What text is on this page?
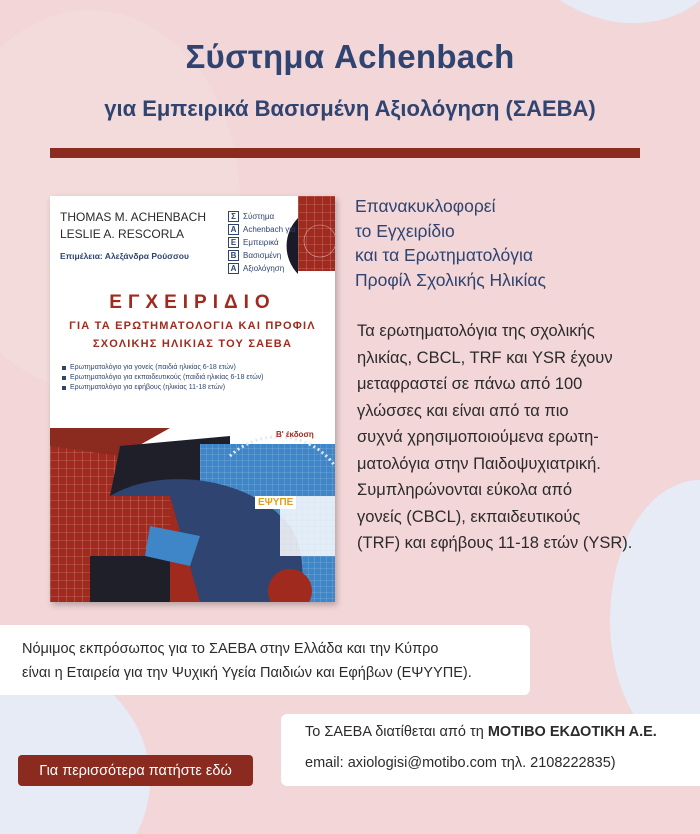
Σύστημα Achenbach
για Εμπειρικά Βασισμένη Αξιολόγηση (ΣΑΕΒΑ)
THOMAS M. ACHENBACH
LESLIE A. RESCORLA
Επιμέλεια: Αλεξάνδρα Ρούσσου
Σ Σύστημα
A Achenbach για
Ε Εμπειρικά
Β Βασισμένη
Α Αξιολόγηση
ΕΓΧΕΙΡΙΔΙΟ
ΓΙΑ ΤΑ ΕΡΩΤΗΜΑΤΟΛΟΓΙΑ ΚΑΙ ΠΡΟΦΙΛ
ΣΧΟΛΙΚΗΣ ΗΛΙΚΙΑΣ ΤΟΥ ΣΑΕΒΑ
Ερωτηματολόγιο για γονείς (παιδιά ηλικίας 6-18 ετών)
Ερωτηματολόγιο για εκπαιδευτικούς (παιδιά ηλικίας 6-18 ετών)
Ερωτηματολόγιο για εφήβους (ηλικίας 11-18 ετών)
Β' έκδοση
ΕΨΥΠΕ
Επανακυκλοφορεί
το Εγχειρίδιο
και τα Ερωτηματολόγια
Προφίλ Σχολικής Ηλικίας
Τα ερωτηματολόγια της σχολικής
ηλικίας, CBCL, TRF και YSR έχουν
μεταφραστεί σε πάνω από 100
γλώσσες και είναι από τα πιο
συχνά χρησιμοποιούμενα ερωτη-
ματολόγια στην Παιδοψυχιατρική.
Συμπληρώνονται εύκολα από
γονείς (CBCL), εκπαιδευτικούς
(TRF) και εφήβους 11-18 ετών (YSR).
Νόμιμος εκπρόσωπος για το ΣΑΕΒΑ στην Ελλάδα και την Κύπρο
είναι η Εταιρεία για την Ψυχική Υγεία Παιδιών και Εφήβων (ΕΨΥΥΠΕ).
Το ΣΑΕΒΑ διατίθεται από τη ΜΟΤΙΒΟ ΕΚΔΟΤΙΚΗ Α.Ε.
email: axiologisi@motibo.com τηλ. 2108222835)
Για περισσότερα πατήστε εδώ
